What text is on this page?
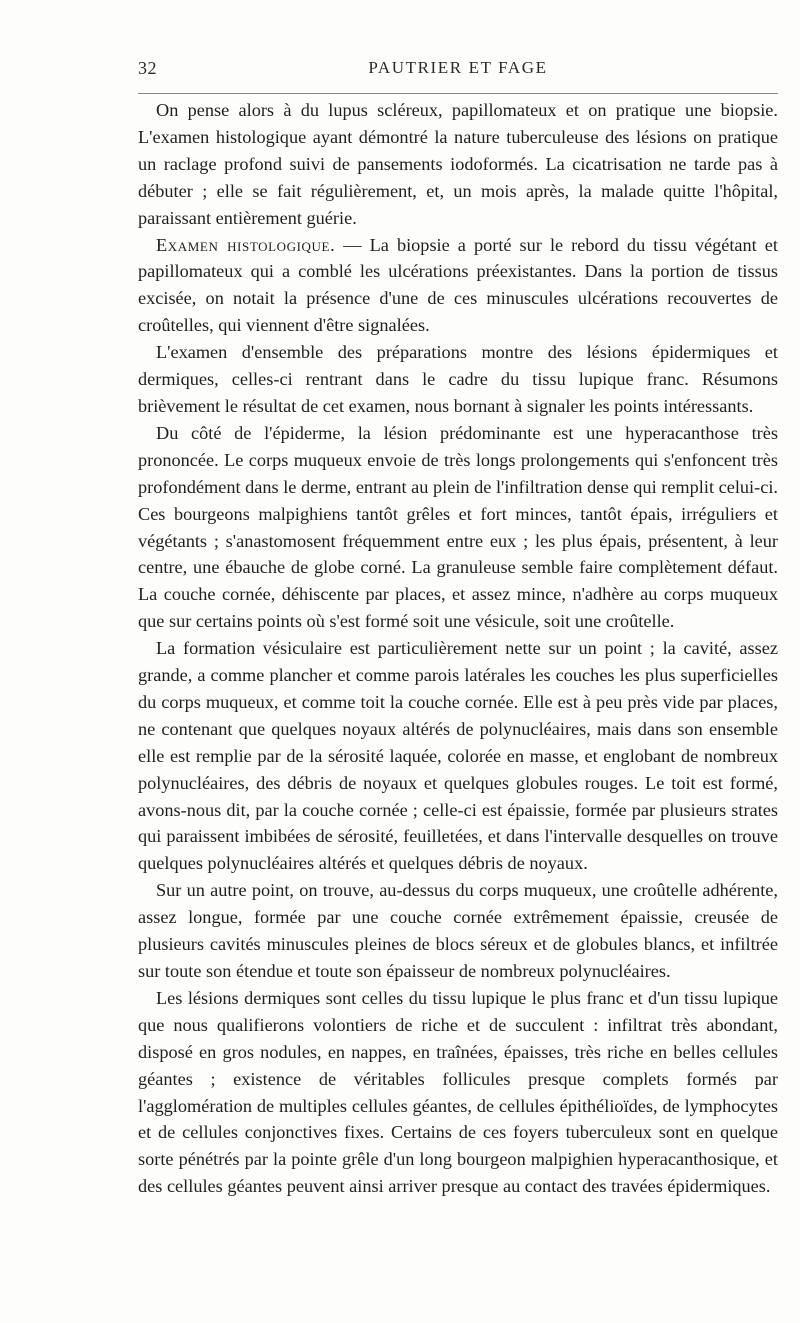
32	PAUTRIER ET FAGE

On pense alors à du lupus scléreux, papillomateux et on pratique une biopsie. L'examen histologique ayant démontré la nature tuberculeuse des lésions on pratique un raclage profond suivi de pansements iodoformés. La cicatrisation ne tarde pas à débuter ; elle se fait régulièrement, et, un mois après, la malade quitte l'hôpital, paraissant entièrement guérie.

Examen histologique. — La biopsie a porté sur le rebord du tissu végétant et papillomateux qui a comblé les ulcérations préexistantes. Dans la portion de tissus excisée, on notait la présence d'une de ces minuscules ulcérations recouvertes de croûtelles, qui viennent d'être signalées.

L'examen d'ensemble des préparations montre des lésions épidermiques et dermiques, celles-ci rentrant dans le cadre du tissu lupique franc. Résumons brièvement le résultat de cet examen, nous bornant à signaler les points intéressants.

Du côté de l'épiderme, la lésion prédominante est une hyperacanthose très prononcée. Le corps muqueux envoie de très longs prolongements qui s'enfoncent très profondément dans le derme, entrant au plein de l'infiltration dense qui remplit celui-ci. Ces bourgeons malpighiens tantôt grêles et fort minces, tantôt épais, irréguliers et végétants ; s'anastomosent fréquemment entre eux ; les plus épais, présentent, à leur centre, une ébauche de globe corné. La granuleuse semble faire complètement défaut. La couche cornée, déhiscente par places, et assez mince, n'adhère au corps muqueux que sur certains points où s'est formé soit une vésicule, soit une croûtelle.

La formation vésiculaire est particulièrement nette sur un point ; la cavité, assez grande, a comme plancher et comme parois latérales les couches les plus superficielles du corps muqueux, et comme toit la couche cornée. Elle est à peu près vide par places, ne contenant que quelques noyaux altérés de polynucléaires, mais dans son ensemble elle est remplie par de la sérosité laquée, colorée en masse, et englobant de nombreux polynucléaires, des débris de noyaux et quelques globules rouges. Le toit est formé, avons-nous dit, par la couche cornée ; celle-ci est épaissie, formée par plusieurs strates qui paraissent imbibées de sérosité, feuilletées, et dans l'intervalle desquelles on trouve quelques polynucléaires altérés et quelques débris de noyaux.

Sur un autre point, on trouve, au-dessus du corps muqueux, une croûtelle adhérente, assez longue, formée par une couche cornée extrêmement épaissie, creusée de plusieurs cavités minuscules pleines de blocs séreux et de globules blancs, et infiltrée sur toute son étendue et toute son épaisseur de nombreux polynucléaires.

Les lésions dermiques sont celles du tissu lupique le plus franc et d'un tissu lupique que nous qualifierons volontiers de riche et de succulent : infiltrat très abondant, disposé en gros nodules, en nappes, en traînées, épaisses, très riche en belles cellules géantes ; existence de véritables follicules presque complets formés par l'agglomération de multiples cellules géantes, de cellules épithélioïdes, de lymphocytes et de cellules conjonctives fixes. Certains de ces foyers tuberculeux sont en quelque sorte pénétrés par la pointe grêle d'un long bourgeon malpighien hyperacanthosique, et des cellules géantes peuvent ainsi arriver presque au contact des travées épidermiques.
